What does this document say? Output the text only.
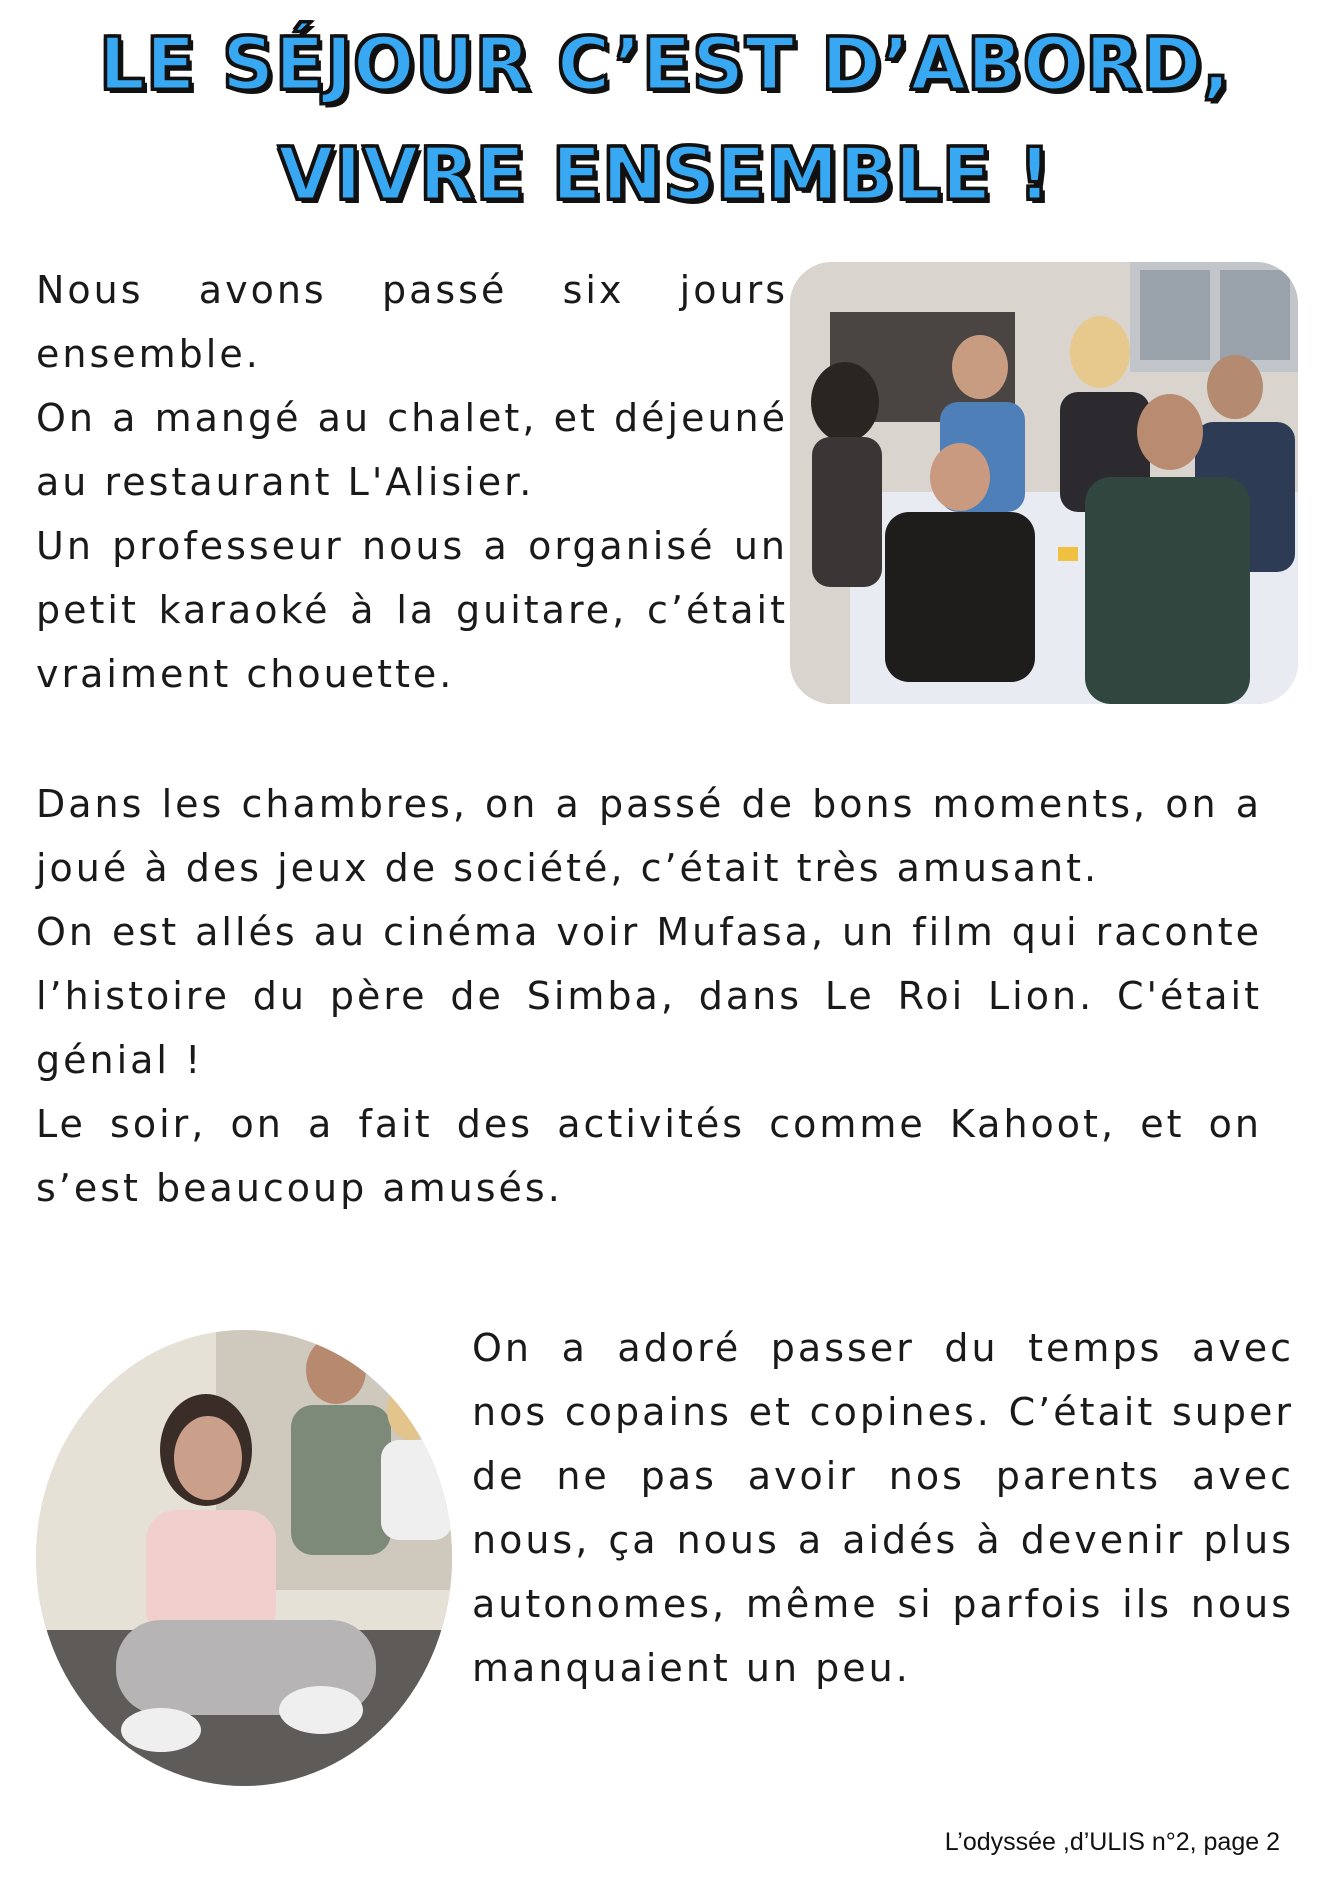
LE SÉJOUR C’EST D’ABORD,
VIVRE ENSEMBLE !
Nous avons passé six jours ensemble.
On a mangé au chalet, et déjeuné au restaurant L'Alisier.
Un professeur nous a organisé un petit karaoké à la guitare, c’était vraiment chouette.
Dans les chambres, on a passé de bons moments, on a joué à des jeux de société, c’était très amusant.
On est allés au cinéma voir Mufasa, un film qui raconte l’histoire du père de Simba, dans Le Roi Lion. C'était génial !
Le soir, on a fait des activités comme Kahoot, et on s’est beaucoup amusés.
On a adoré passer du temps avec nos copains et copines. C’était super de ne pas avoir nos parents avec nous, ça nous a aidés à devenir plus autonomes, même si parfois ils nous manquaient un peu.
L’odyssée ,d’ULIS n°2, page 2
